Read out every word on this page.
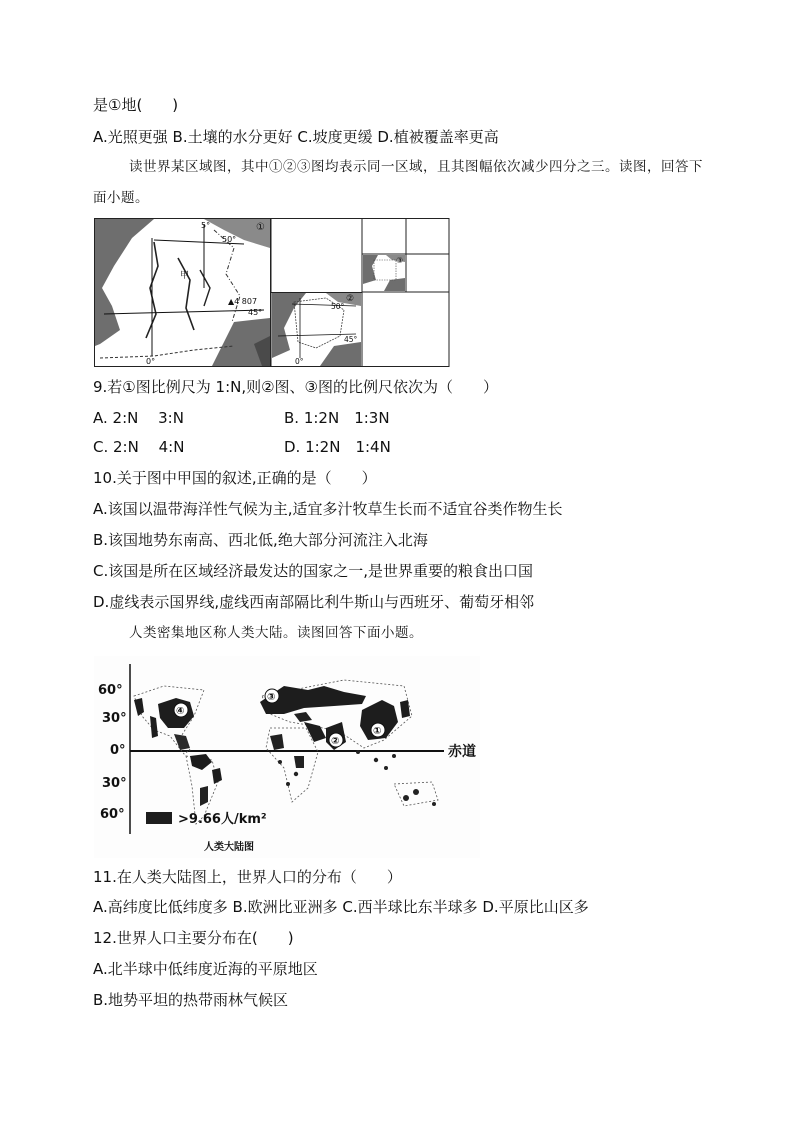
是①地(　　)
A.光照更强 B.土壤的水分更好 C.坡度更缓 D.植被覆盖率更高
读世界某区域图，其中①②③图均表示同一区域，且其图幅依次减少四分之三。读图，回答下面小题。
5°
50°
45°
0°
甲
▲4 807
①
50°
45°
0°
②
③
9.若①图比例尺为 1:N,则②图、③图的比例尺依次为（　　）
A. 2:N　 3:N	B. 1:2N　1:3N
C. 2:N　 4:N	D. 1:2N　1:4N
10.关于图中甲国的叙述,正确的是（　　）
A.该国以温带海洋性气候为主,适宜多汁牧草生长而不适宜谷类作物生长
B.该国地势东南高、西北低,绝大部分河流注入北海
C.该国是所在区域经济最发达的国家之一,是世界重要的粮食出口国
D.虚线表示国界线,虚线西南部隔比利牛斯山与西班牙、葡萄牙相邻
人类密集地区称人类大陆。读图回答下面小题。
60°
30°
0°
30°
60°
赤道
④
③
②
①
>9.66人/km²
人类大陆图
11.在人类大陆图上，世界人口的分布（　　）
A.高纬度比低纬度多 B.欧洲比亚洲多 C.西半球比东半球多 D.平原比山区多
12.世界人口主要分布在(　　)
A.北半球中低纬度近海的平原地区
B.地势平坦的热带雨林气候区
